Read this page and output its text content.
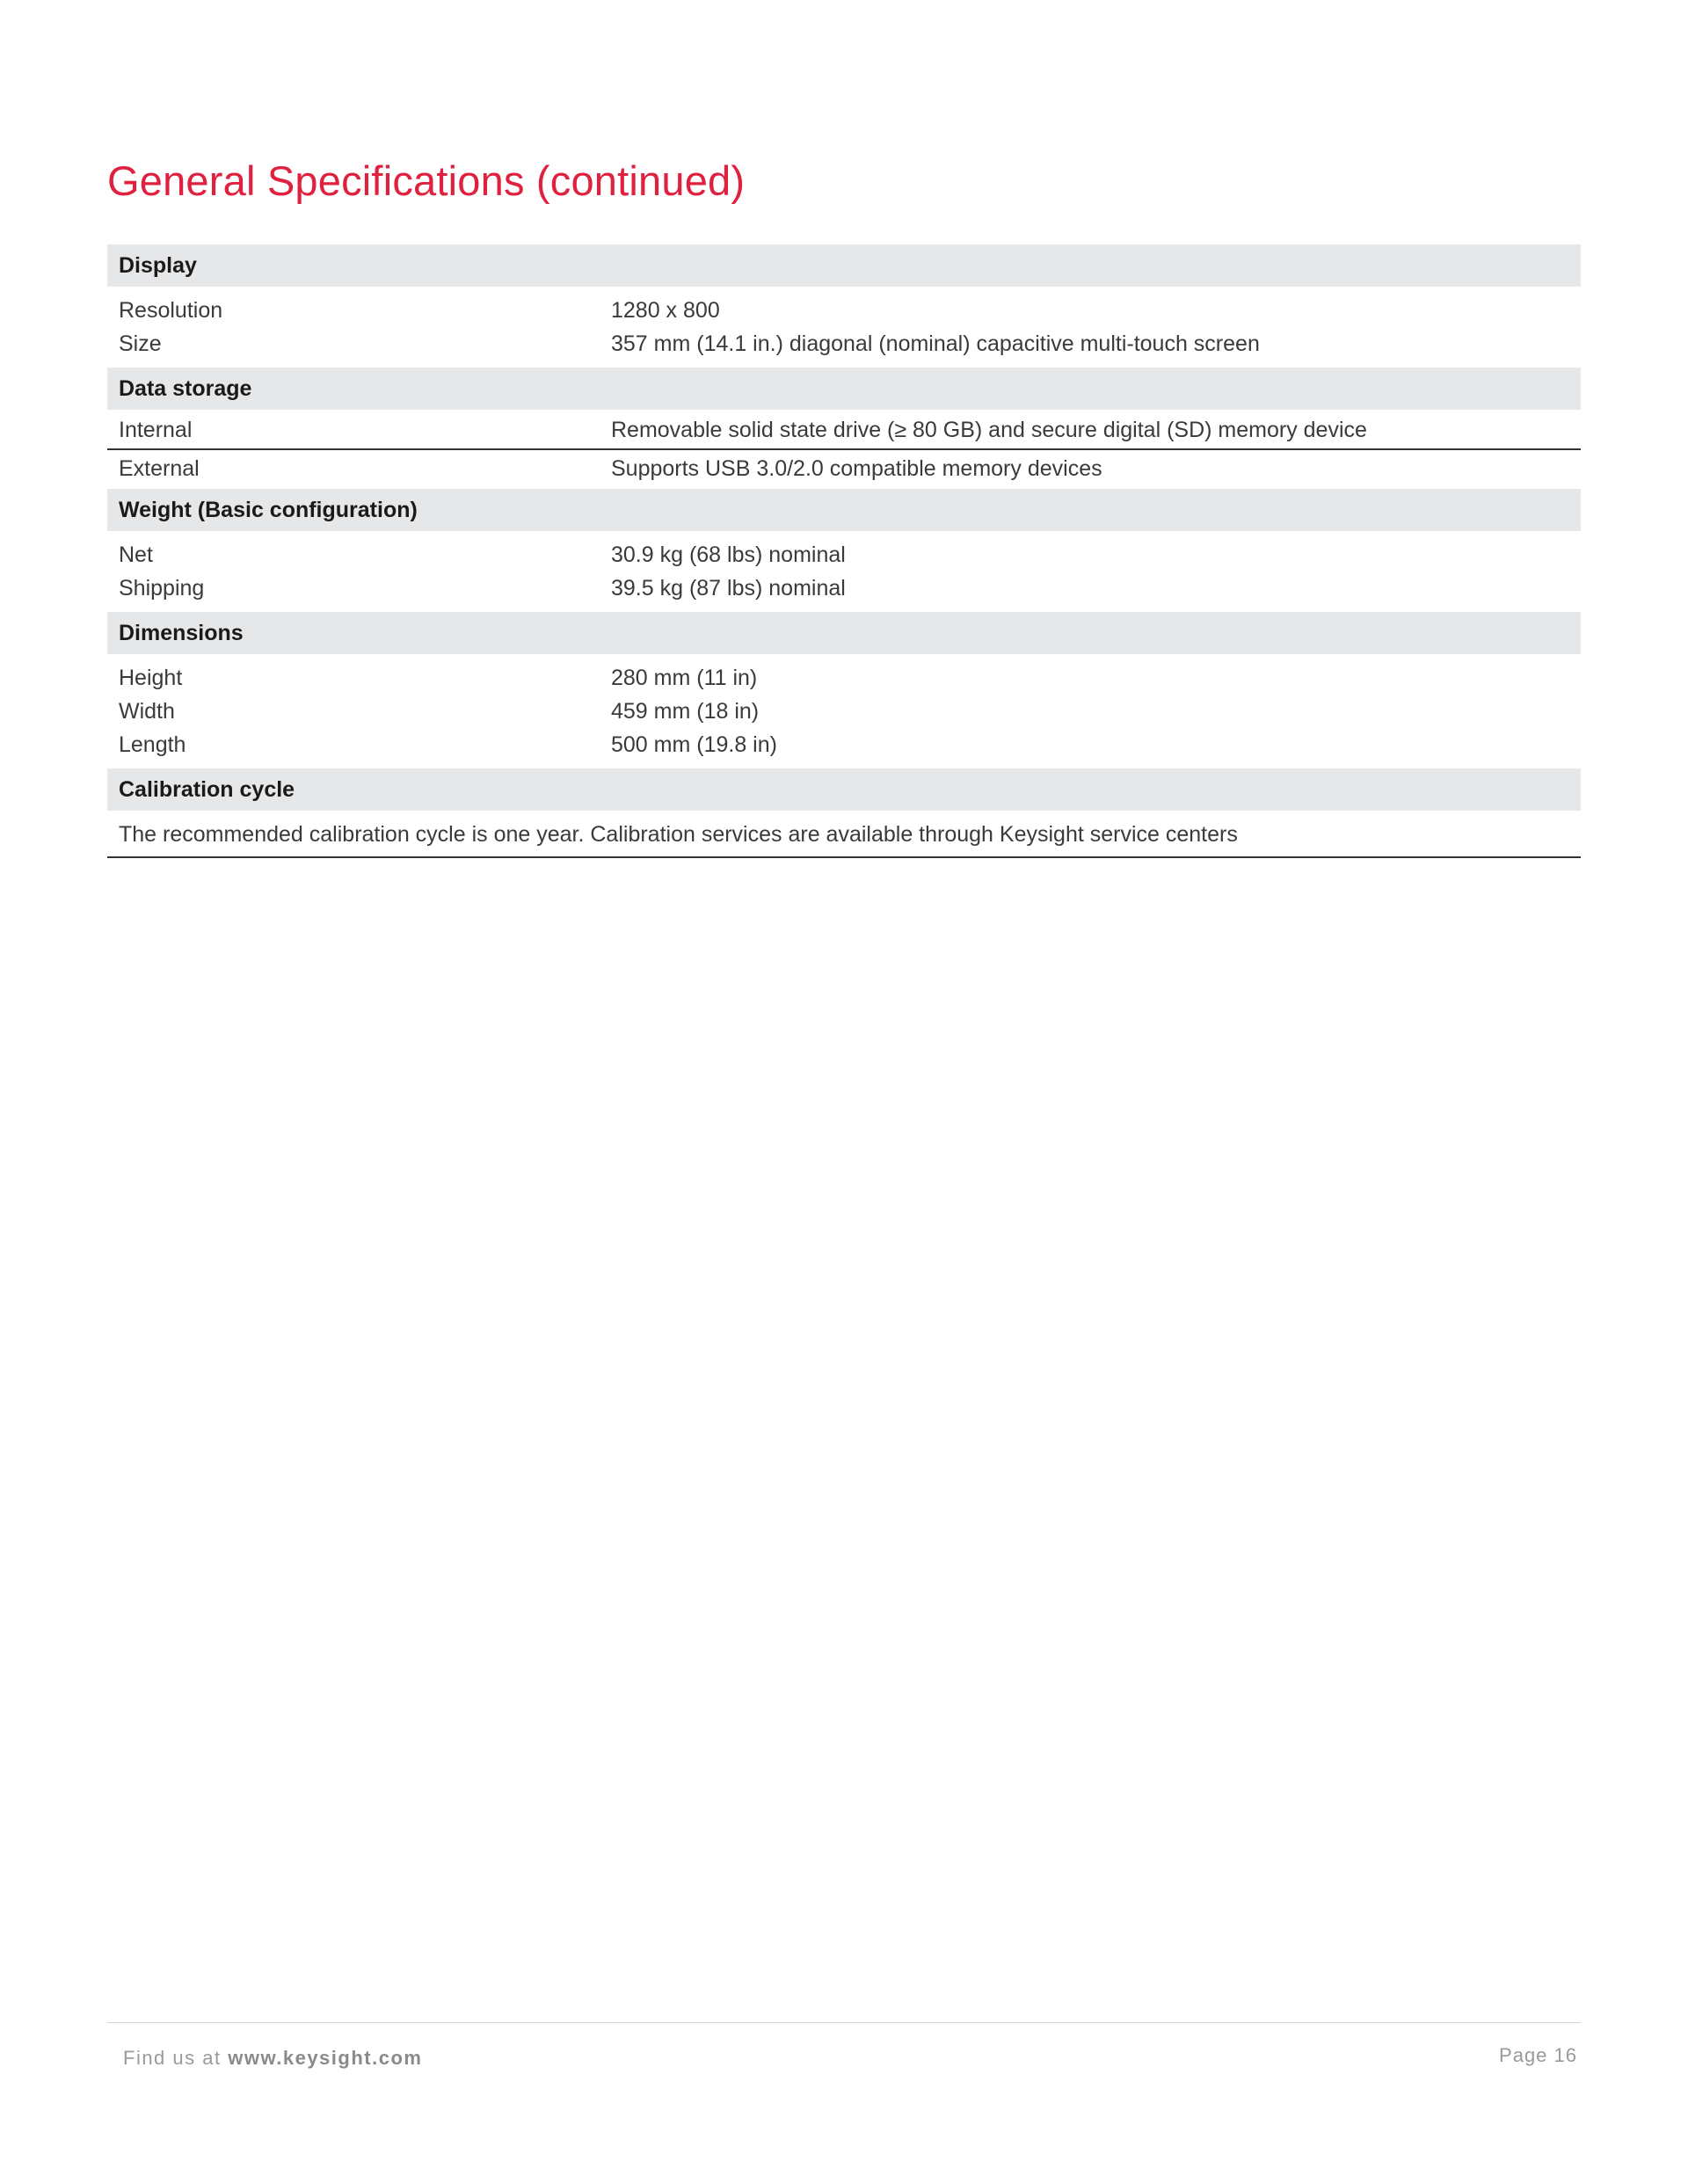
General Specifications (continued)
Display
Resolution	1280 x 800
Size	357 mm (14.1 in.) diagonal (nominal) capacitive multi-touch screen
Data storage
Internal	Removable solid state drive (≥ 80 GB) and secure digital (SD) memory device
External	Supports USB 3.0/2.0 compatible memory devices
Weight (Basic configuration)
Net	30.9 kg (68 lbs) nominal
Shipping	39.5 kg (87 lbs) nominal
Dimensions
Height	280 mm (11 in)
Width	459 mm (18 in)
Length	500 mm (19.8 in)
Calibration cycle
The recommended calibration cycle is one year. Calibration services are available through Keysight service centers
Find us at www.keysight.com	Page 16
